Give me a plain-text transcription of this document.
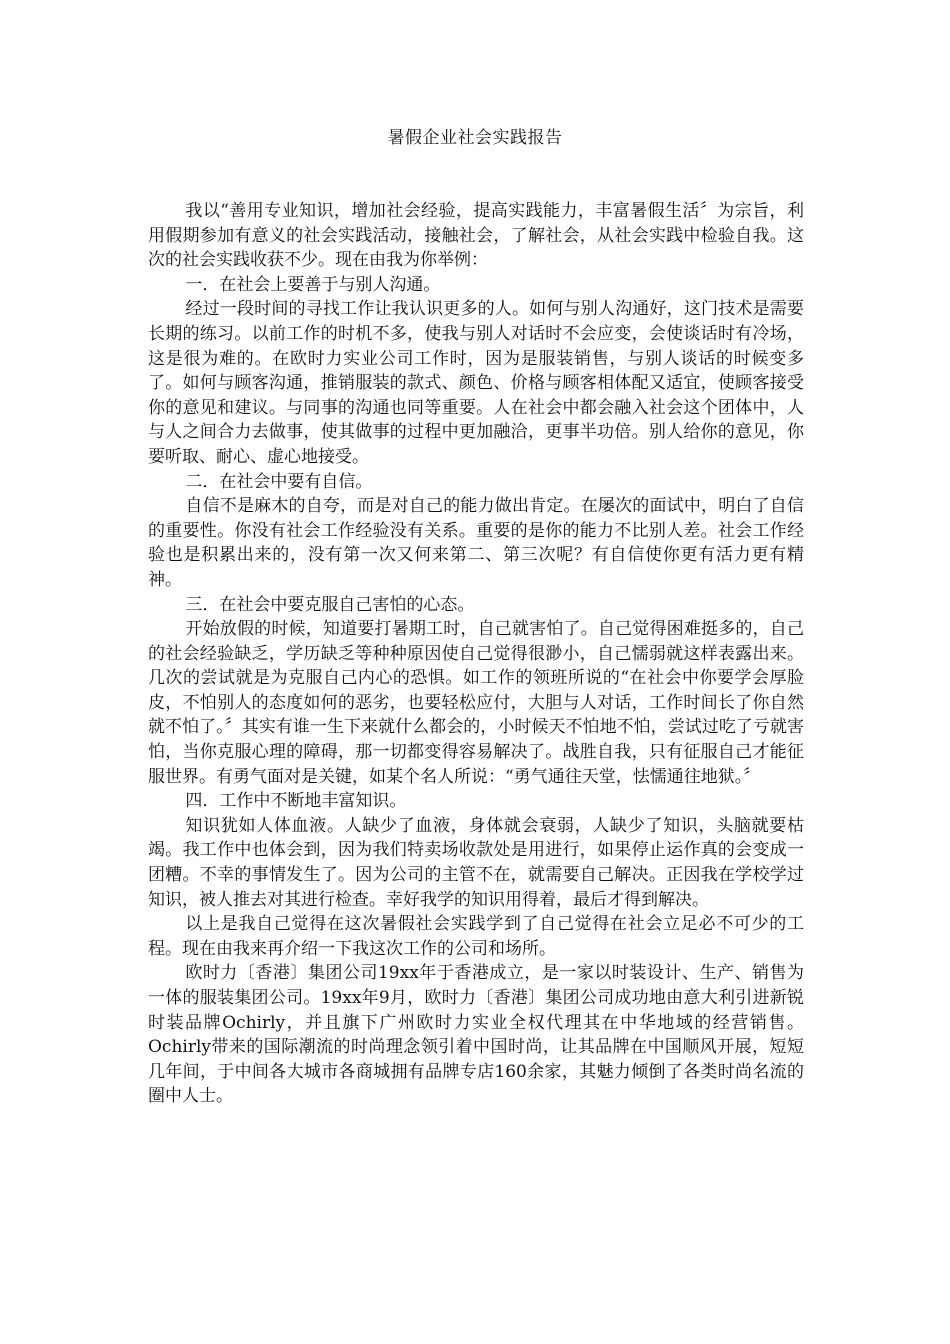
暑假企业社会实践报告

我以“善用专业知识，增加社会经验，提高实践能力，丰富暑假生活〞为宗旨，利用假期参加有意义的社会实践活动，接触社会，了解社会，从社会实践中检验自我。这次的社会实践收获不少。现在由我为你举例：

一．在社会上要善于与别人沟通。

经过一段时间的寻找工作让我认识更多的人。如何与别人沟通好，这门技术是需要长期的练习。以前工作的时机不多，使我与别人对话时不会应变，会使谈话时有冷场，这是很为难的。在欧时力实业公司工作时，因为是服装销售，与别人谈话的时候变多了。如何与顾客沟通，推销服装的款式、颜色、价格与顾客相体配又适宜，使顾客接受你的意见和建议。与同事的沟通也同等重要。人在社会中都会融入社会这个团体中，人与人之间合力去做事，使其做事的过程中更加融洽，更事半功倍。别人给你的意见，你要听取、耐心、虚心地接受。

二．在社会中要有自信。

自信不是麻木的自夸，而是对自己的能力做出肯定。在屡次的面试中，明白了自信的重要性。你没有社会工作经验没有关系。重要的是你的能力不比别人差。社会工作经验也是积累出来的，没有第一次又何来第二、第三次呢？有自信使你更有活力更有精神。

三．在社会中要克服自己害怕的心态。

开始放假的时候，知道要打暑期工时，自己就害怕了。自己觉得困难挺多的，自己的社会经验缺乏，学历缺乏等种种原因使自己觉得很渺小，自己懦弱就这样表露出来。几次的尝试就是为克服自己内心的恐惧。如工作的领班所说的“在社会中你要学会厚脸皮，不怕别人的态度如何的恶劣，也要轻松应付，大胆与人对话，工作时间长了你自然就不怕了。〞其实有谁一生下来就什么都会的，小时候天不怕地不怕，尝试过吃了亏就害怕，当你克服心理的障碍，那一切都变得容易解决了。战胜自我，只有征服自己才能征服世界。有勇气面对是关键，如某个名人所说：“勇气通往天堂，怯懦通往地狱。〞

四．工作中不断地丰富知识。

知识犹如人体血液。人缺少了血液，身体就会衰弱，人缺少了知识，头脑就要枯竭。我工作中也体会到，因为我们特卖场收款处是用进行，如果停止运作真的会变成一团糟。不幸的事情发生了。因为公司的主管不在，就需要自己解决。正因我在学校学过知识，被人推去对其进行检查。幸好我学的知识用得着，最后才得到解决。

以上是我自己觉得在这次暑假社会实践学到了自己觉得在社会立足必不可少的工程。现在由我来再介绍一下我这次工作的公司和场所。

欧时力〔香港〕集团公司19xx年于香港成立，是一家以时装设计、生产、销售为一体的服装集团公司。19xx年9月，欧时力〔香港〕集团公司成功地由意大利引进新锐时装品牌Ochirly，并且旗下广州欧时力实业全权代理其在中华地域的经营销售。Ochirly带来的国际潮流的时尚理念领引着中国时尚，让其品牌在中国顺风开展，短短几年间，于中间各大城市各商城拥有品牌专店160余家，其魅力倾倒了各类时尚名流的圈中人士。
